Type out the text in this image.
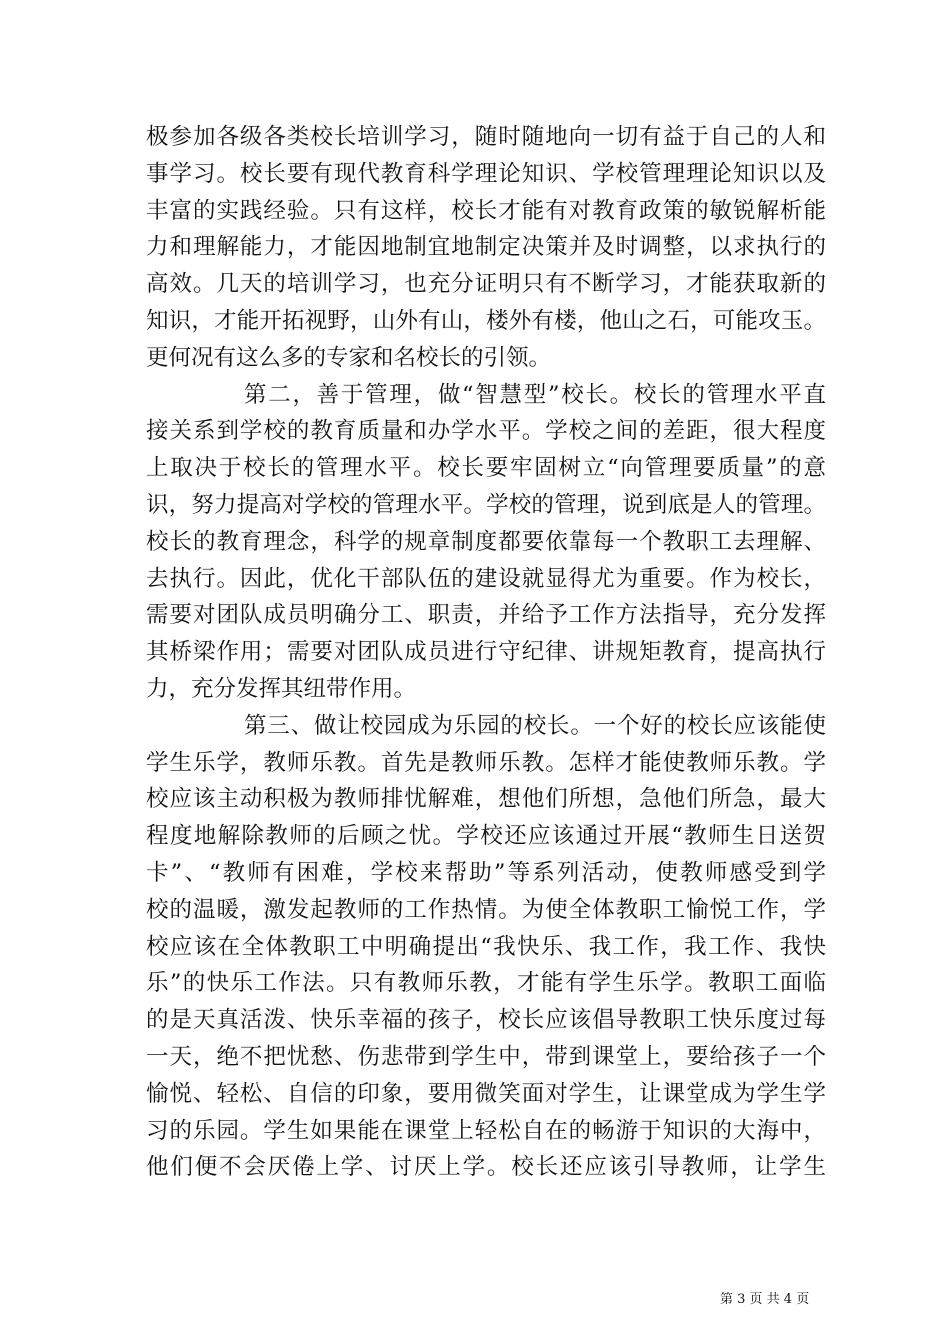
极参加各级各类校长培训学习，随时随地向一切有益于自己的人和
事学习。校长要有现代教育科学理论知识、学校管理理论知识以及
丰富的实践经验。只有这样，校长才能有对教育政策的敏锐解析能
力和理解能力，才能因地制宜地制定决策并及时调整，以求执行的
高效。几天的培训学习，也充分证明只有不断学习，才能获取新的
知识，才能开拓视野，山外有山，楼外有楼，他山之石，可能攻玉。
更何况有这么多的专家和名校长的引领。
第二，善于管理，做“智慧型”校长。校长的管理水平直
接关系到学校的教育质量和办学水平。学校之间的差距，很大程度
上取决于校长的管理水平。校长要牢固树立“向管理要质量”的意
识，努力提高对学校的管理水平。学校的管理，说到底是人的管理。
校长的教育理念，科学的规章制度都要依靠每一个教职工去理解、
去执行。因此，优化干部队伍的建设就显得尤为重要。作为校长，
需要对团队成员明确分工、职责，并给予工作方法指导，充分发挥
其桥梁作用；需要对团队成员进行守纪律、讲规矩教育，提高执行
力，充分发挥其纽带作用。
第三、做让校园成为乐园的校长。一个好的校长应该能使
学生乐学，教师乐教。首先是教师乐教。怎样才能使教师乐教。学
校应该主动积极为教师排忧解难，想他们所想，急他们所急，最大
程度地解除教师的后顾之忧。学校还应该通过开展“教师生日送贺
卡”、“教师有困难，学校来帮助”等系列活动，使教师感受到学
校的温暖，激发起教师的工作热情。为使全体教职工愉悦工作，学
校应该在全体教职工中明确提出“我快乐、我工作，我工作、我快
乐”的快乐工作法。只有教师乐教，才能有学生乐学。教职工面临
的是天真活泼、快乐幸福的孩子，校长应该倡导教职工快乐度过每
一天，绝不把忧愁、伤悲带到学生中，带到课堂上，要给孩子一个
愉悦、轻松、自信的印象，要用微笑面对学生，让课堂成为学生学
习的乐园。学生如果能在课堂上轻松自在的畅游于知识的大海中，
他们便不会厌倦上学、讨厌上学。校长还应该引导教师，让学生
第 3 页 共 4 页
